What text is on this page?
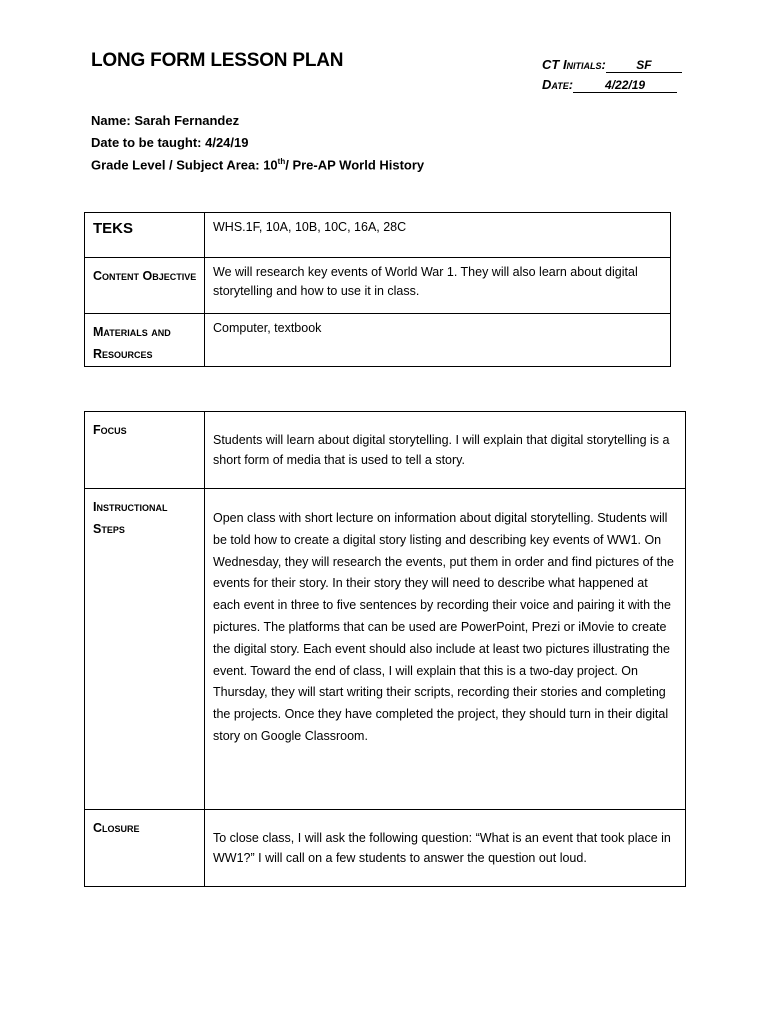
LONG FORM LESSON PLAN	CT Initials:	SF
Date:	4/22/19
Name: Sarah Fernandez
Date to be taught: 4/24/19
Grade Level / Subject Area: 10th/ Pre-AP World History
TEKS	WHS.1F, 10A, 10B, 10C, 16A, 28C

Content Objective	We will research key events of World War 1. They will also learn about digital storytelling and how to use it in class.

Materials and Resources	Computer, textbook
Focus	Students will learn about digital storytelling. I will explain that digital storytelling is a short form of media that is used to tell a story.

Instructional Steps	Open class with short lecture on information about digital storytelling. Students will be told how to create a digital story listing and describing key events of WW1. On Wednesday, they will research the events, put them in order and find pictures of the events for their story. In their story they will need to describe what happened at each event in three to five sentences by recording their voice and pairing it with the pictures. The platforms that can be used are PowerPoint, Prezi or iMovie to create the digital story. Each event should also include at least two pictures illustrating the event. Toward the end of class, I will explain that this is a two-day project. On Thursday, they will start writing their scripts, recording their stories and completing the projects. Once they have completed the project, they should turn in their digital story on Google Classroom.

Closure	To close class, I will ask the following question: “What is an event that took place in WW1?” I will call on a few students to answer the question out loud.
